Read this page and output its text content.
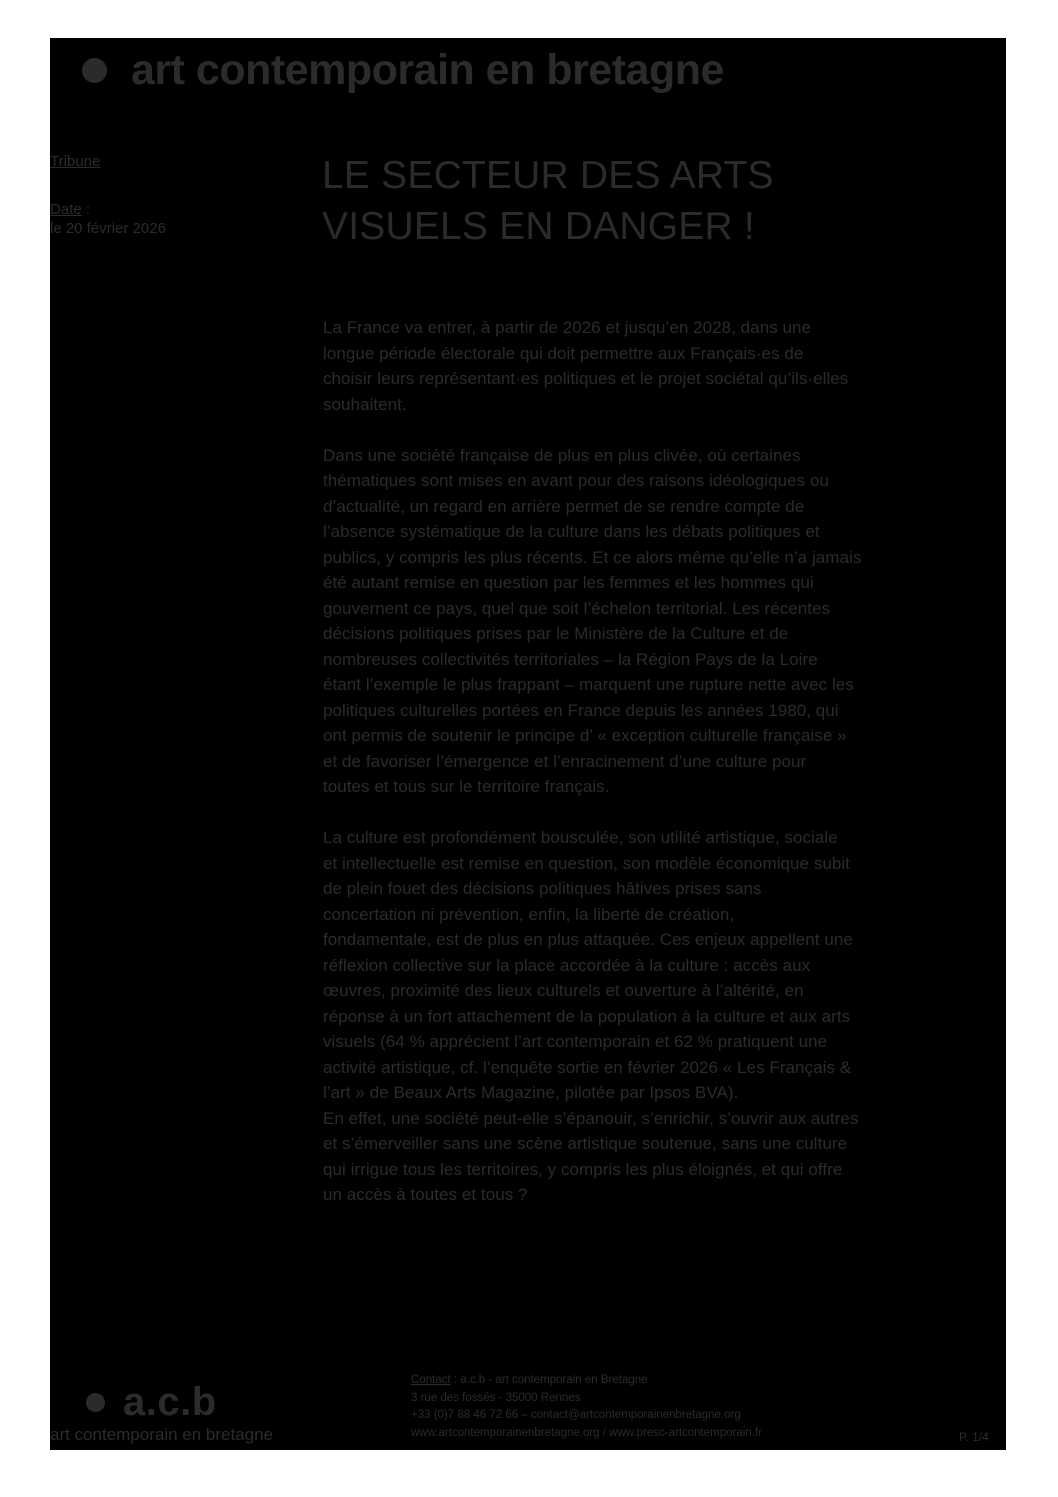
art contemporain en bretagne
Tribune
Date :
le 20 février 2026
LE SECTEUR DES ARTS
VISUELS EN DANGER !
La France va entrer, à partir de 2026 et jusqu’en 2028, dans une
longue période électorale qui doit permettre aux Français·es de
choisir leurs représentant·es politiques et le projet sociétal qu’ils·elles
souhaitent.
Dans une société française de plus en plus clivée, où certaines
thématiques sont mises en avant pour des raisons idéologiques ou
d’actualité, un regard en arrière permet de se rendre compte de
l’absence systématique de la culture dans les débats politiques et
publics, y compris les plus récents. Et ce alors même qu’elle n’a jamais
été autant remise en question par les femmes et les hommes qui
gouvernent ce pays, quel que soit l’échelon territorial. Les récentes
décisions politiques prises par le Ministère de la Culture et de
nombreuses collectivités territoriales – la Région Pays de la Loire
étant l’exemple le plus frappant – marquent une rupture nette avec les
politiques culturelles portées en France depuis les années 1980, qui
ont permis de soutenir le principe d’ « exception culturelle française »
et de favoriser l’émergence et l’enracinement d’une culture pour
toutes et tous sur le territoire français.
La culture est profondément bousculée, son utilité artistique, sociale
et intellectuelle est remise en question, son modèle économique subit
de plein fouet des décisions politiques hâtives prises sans
concertation ni prévention, enfin, la liberté de création,
fondamentale, est de plus en plus attaquée. Ces enjeux appellent une
réflexion collective sur la place accordée à la culture : accès aux
œuvres, proximité des lieux culturels et ouverture à l’altérité, en
réponse à un fort attachement de la population à la culture et aux arts
visuels (64 % apprécient l’art contemporain et 62 % pratiquent une
activité artistique, cf. l’enquête sortie en février 2026 « Les Français &
l’art » de Beaux Arts Magazine, pilotée par Ipsos BVA).
En effet, une société peut-elle s’épanouir, s’enrichir, s’ouvrir aux autres
et s’émerveiller sans une scène artistique soutenue, sans une culture
qui irrigue tous les territoires, y compris les plus éloignés, et qui offre
un accès à toutes et tous ?
a.c.b
art contemporain en bretagne
Contact : a.c.b - art contemporain en Bretagne
3 rue des fossés - 35000 Rennes
+33 (0)7 88 46 72 66 – contact@artcontemporainenbretagne.org
www.artcontemporainenbretagne.org / www.presc-artcontemporain.fr	P. 1/4
